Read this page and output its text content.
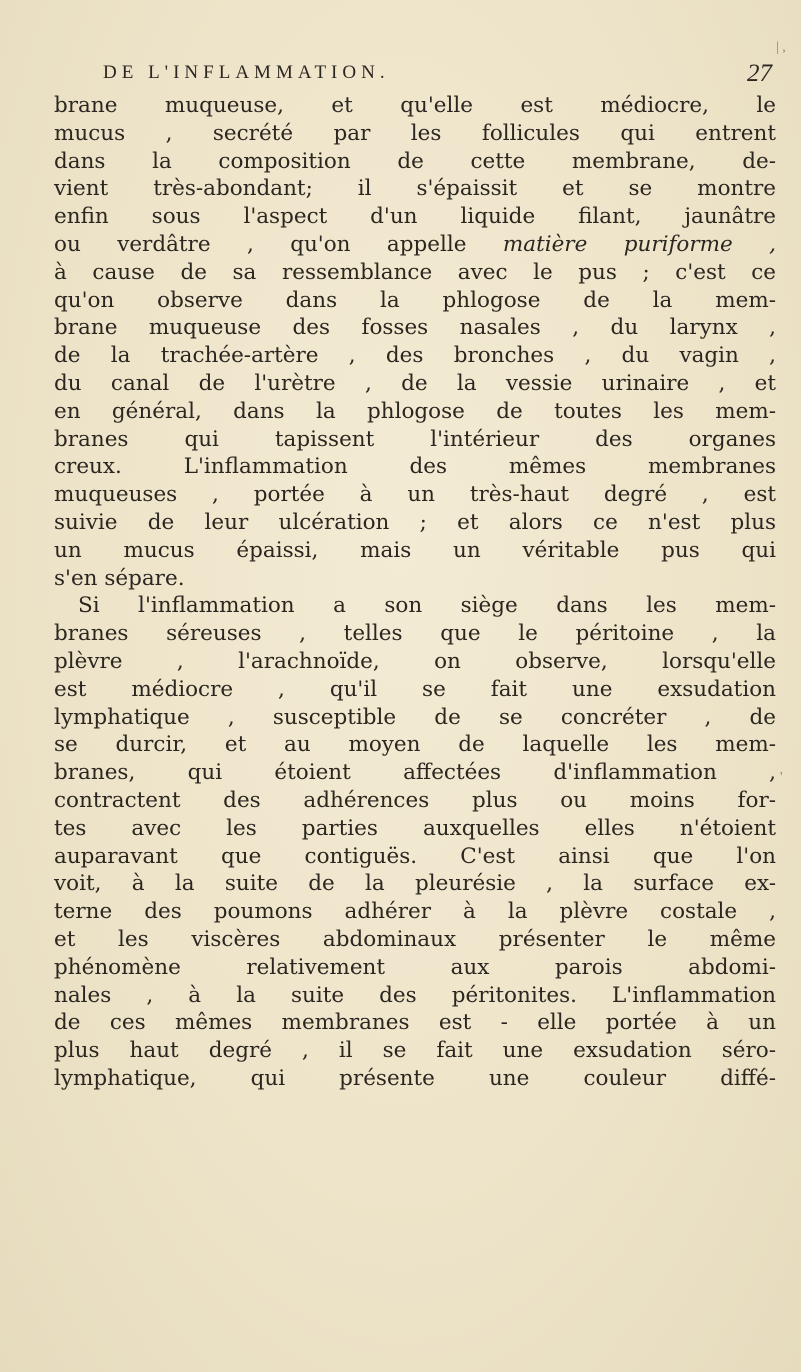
DE L'INFLAMMATION.	27
brane muqueuse, et qu'elle est médiocre, le
mucus , secrété par les follicules qui entrent
dans la composition de cette membrane, de-
vient très-abondant; il s'épaissit et se montre
enfin sous l'aspect d'un liquide filant, jaunâtre
ou verdâtre , qu'on appelle matière puriforme ,
à cause de sa ressemblance avec le pus ; c'est ce
qu'on observe dans la phlogose de la mem-
brane muqueuse des fosses nasales , du larynx ,
de la trachée-artère , des bronches , du vagin ,
du canal de l'urètre , de la vessie urinaire , et
en général, dans la phlogose de toutes les mem-
branes qui tapissent l'intérieur des organes
creux. L'inflammation des mêmes membranes
muqueuses , portée à un très-haut degré , est
suivie de leur ulcération ; et alors ce n'est plus
un mucus épaissi, mais un véritable pus qui
s'en sépare.
Si l'inflammation a son siège dans les mem-
branes séreuses , telles que le péritoine , la
plèvre , l'arachnoïde, on observe, lorsqu'elle
est médiocre , qu'il se fait une exsudation
lymphatique , susceptible de se concréter , de
se durcir, et au moyen de laquelle les mem-
branes, qui étoient affectées d'inflammation ,
contractent des adhérences plus ou moins for-
tes avec les parties auxquelles elles n'étoient
auparavant que contiguës. C'est ainsi que l'on
voit, à la suite de la pleurésie , la surface ex-
terne des poumons adhérer à la plèvre costale ,
et les viscères abdominaux présenter le même
phénomène relativement aux parois abdomi-
nales , à la suite des péritonites. L'inflammation
de ces mêmes membranes est - elle portée à un
plus haut degré , il se fait une exsudation séro-
lymphatique, qui présente une couleur diffé-
| ,
'
